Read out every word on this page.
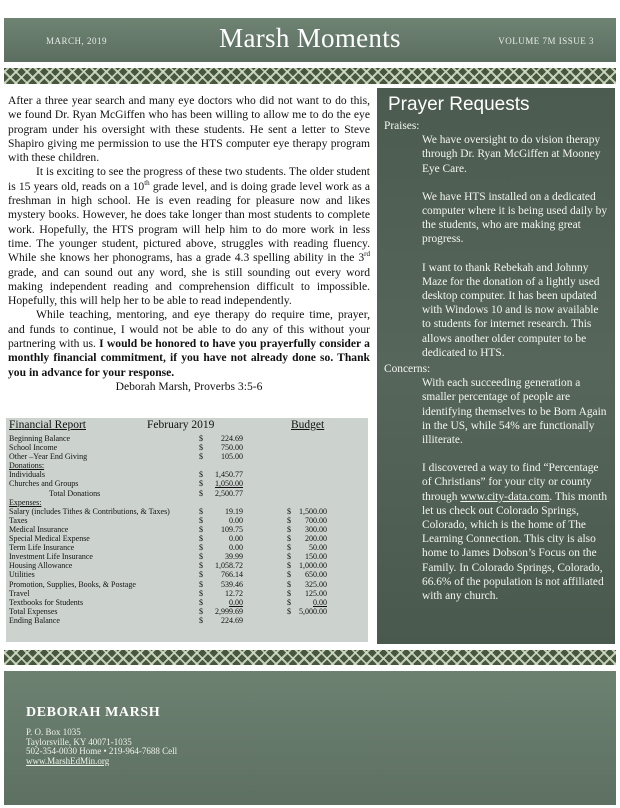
MARCH, 2019	Marsh Moments	VOLUME 7M ISSUE 3

After a three year search and many eye doctors who did not want to do this, we found Dr. Ryan McGiffen who has been willing to allow me to do the eye program under his oversight with these students. He sent a letter to Steve Shapiro giving me permission to use the HTS computer eye therapy program with these children.

It is exciting to see the progress of these two students. The older student is 15 years old, reads on a 10th grade level, and is doing grade level work as a freshman in high school. He is even reading for pleasure now and likes mystery books. However, he does take longer than most students to complete work. Hopefully, the HTS program will help him to do more work in less time. The younger student, pictured above, struggles with reading fluency. While she knows her phonograms, has a grade 4.3 spelling ability in the 3rd grade, and can sound out any word, she is still sounding out every word making independent reading and comprehension difficult to impossible. Hopefully, this will help her to be able to read independently.

While teaching, mentoring, and eye therapy do require time, prayer, and funds to continue, I would not be able to do any of this without your partnering with us. I would be honored to have you prayerfully consider a monthly financial commitment, if you have not already done so. Thank you in advance for your response.

Deborah Marsh, Proverbs 3:5-6

Prayer Requests
Praises:
We have oversight to do vision therapy through Dr. Ryan McGiffen at Mooney Eye Care.
We have HTS installed on a dedicated computer where it is being used daily by the students, who are making great progress.
I want to thank Rebekah and Johnny Maze for the donation of a lightly used desktop computer. It has been updated with Windows 10 and is now available to students for internet research. This allows another older computer to be dedicated to HTS.
Concerns:
With each succeeding generation a smaller percentage of people are identifying themselves to be Born Again in the US, while 54% are functionally illiterate.
I discovered a way to find “Percentage of Christians” for your city or county through www.city-data.com. This month let us check out Colorado Springs, Colorado, which is the home of The Learning Connection. This city is also home to James Dobson’s Focus on the Family. In Colorado Springs, Colorado, 66.6% of the population is not affiliated with any church.
Financial Report	February 2019	Budget
Beginning Balance	$	224.69
School Income	$	750.00
Other –Year End Giving	$	105.00
Donations:
Individuals	$	1,450.77
Churches and Groups	$	1,050.00
Total Donations	$	2,500.77
Expenses:
Salary (includes Tithes & Contributions, & Taxes)	$	19.19	$	1,500.00
Taxes	$	0.00	$	700.00
Medical Insurance	$	109.75	$	300.00
Special Medical Expense	$	0.00	$	200.00
Term Life Insurance	$	0.00	$	50.00
Investment Life Insurance	$	39.99	$	150.00
Housing Allowance	$	1,058.72	$	1,000.00
Utilities	$	766.14	$	650.00
Promotion, Supplies, Books, & Postage	$	539.46	$	325.00
Travel	$	12.72	$	125.00
Textbooks for Students	$	0.00	$	0.00
Total Expenses	$	2,999.69	$	5,000.00
Ending Balance	$	224.69
DEBORAH MARSH
P. O. Box 1035
Taylorsville, KY 40071-1035
502-354-0030 Home • 219-964-7688 Cell
www.MarshEdMin.org
